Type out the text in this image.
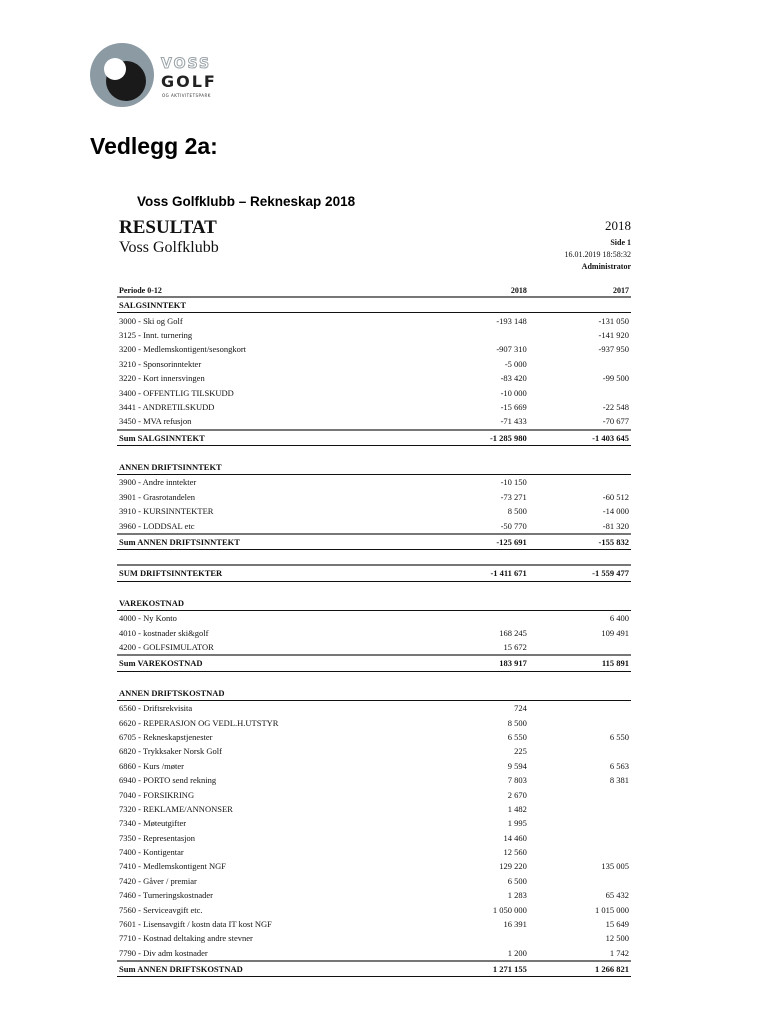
VOSS
GOLF
OG AKTIVITETSPARK
Vedlegg 2a:
Voss Golfklubb – Rekneskap 2018
RESULTAT
Voss Golfklubb
2018
Side 1
16.01.2019 18:58:32
Administrator
Periode 0-12	2018	2017
SALGSINNTEKT		
3000 - Ski og Golf	-193 148	-131 050
3125 - Innt. turnering		-141 920
3200 - Medlemskontigent/sesongkort	-907 310	-937 950
3210 - Sponsorinntekter	-5 000	
3220 - Kort innersvingen	-83 420	-99 500
3400 - OFFENTLIG TILSKUDD	-10 000	
3441 - ANDRETILSKUDD	-15 669	-22 548
3450 - MVA refusjon	-71 433	-70 677
Sum SALGSINNTEKT	-1 285 980	-1 403 645

ANNEN DRIFTSINNTEKT		
3900 - Andre inntekter	-10 150	
3901 - Grasrotandelen	-73 271	-60 512
3910 - KURSINNTEKTER	8 500	-14 000
3960 - LODDSAL etc	-50 770	-81 320
Sum ANNEN DRIFTSINNTEKT	-125 691	-155 832

SUM DRIFTSINNTEKTER	-1 411 671	-1 559 477

VAREKOSTNAD		
4000 - Ny Konto		6 400
4010 - kostnader ski&golf	168 245	109 491
4200 - GOLFSIMULATOR	15 672	
Sum VAREKOSTNAD	183 917	115 891

ANNEN DRIFTSKOSTNAD		
6560 - Driftsrekvisita	724	
6620 - REPERASJON OG VEDL.H.UTSTYR	8 500	
6705 - Rekneskapstjenester	6 550	6 550
6820 - Trykksaker Norsk Golf	225	
6860 - Kurs /møter	9 594	6 563
6940 - PORTO send rekning	7 803	8 381
7040 - FORSIKRING	2 670	
7320 - REKLAME/ANNONSER	1 482	
7340 - Møteutgifter	1 995	
7350 - Representasjon	14 460	
7400 - Kontigentar	12 560	
7410 - Medlemskontigent NGF	129 220	135 005
7420 - Gåver / premiar	6 500	
7460 - Turneringskostnader	1 283	65 432
7560 - Serviceavgift etc.	1 050 000	1 015 000
7601 - Lisensavgift / kostn data IT kost NGF	16 391	15 649
7710 - Kostnad deltaking andre stevner		12 500
7790 - Div adm kostnader	1 200	1 742
Sum ANNEN DRIFTSKOSTNAD	1 271 155	1 266 821
